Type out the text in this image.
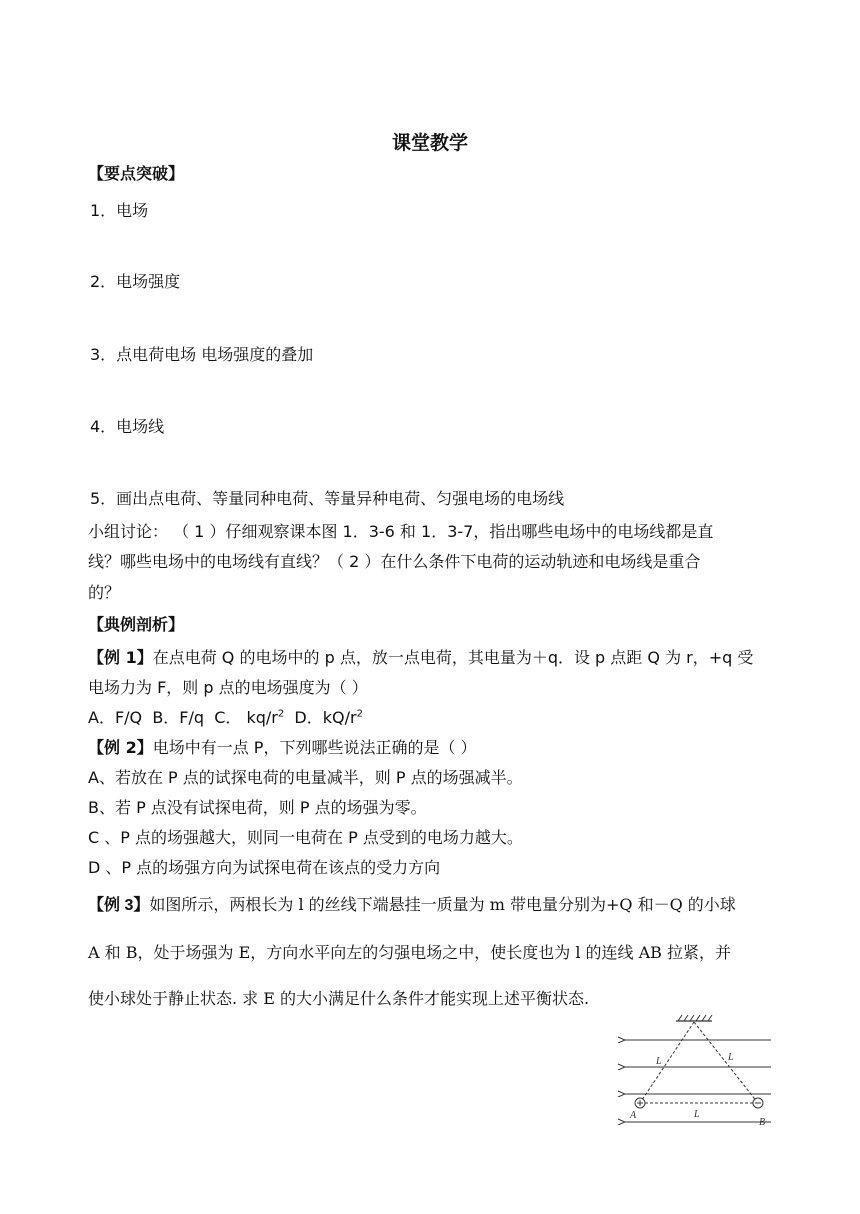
课堂教学
【要点突破】
1．电场
2．电场强度
3．点电荷电场 电场强度的叠加
4．电场线
5．画出点电荷、等量同种电荷、等量异种电荷、匀强电场的电场线
小组讨论： （ 1 ）仔细观察课本图 1．3-6 和 1．3-7，指出哪些电场中的电场线都是直
线？哪些电场中的电场线有直线？（ 2 ）在什么条件下电荷的运动轨迹和电场线是重合
的？
【典例剖析】
【例 1】在点电荷 Q 的电场中的 p 点，放一点电荷，其电量为＋q．设 p 点距 Q 为 r，+q 受
电场力为 F，则 p 点的电场强度为（ ）
A．F/Q B．F/q C． $kq/r^2$ D．$kQ/r^2$
【例 2】电场中有一点 P，下列哪些说法正确的是（ ）
A、若放在 P 点的试探电荷的电量减半，则 P 点的场强减半。
B、若 P 点没有试探电荷，则 P 点的场强为零。
C 、P 点的场强越大，则同一电荷在 P 点受到的电场力越大。
D 、P 点的场强方向为试探电荷在该点的受力方向
【例 3】如图所示，两根长为 l 的丝线下端悬挂一质量为 m 带电量分别为+Q 和－Q 的小球
A 和 B，处于场强为 E，方向水平向左的匀强电场之中，使长度也为 l 的连线 AB 拉紧，并
使小球处于静止状态. 求 E 的大小满足什么条件才能实现上述平衡状态.
L	L
L
A
B
